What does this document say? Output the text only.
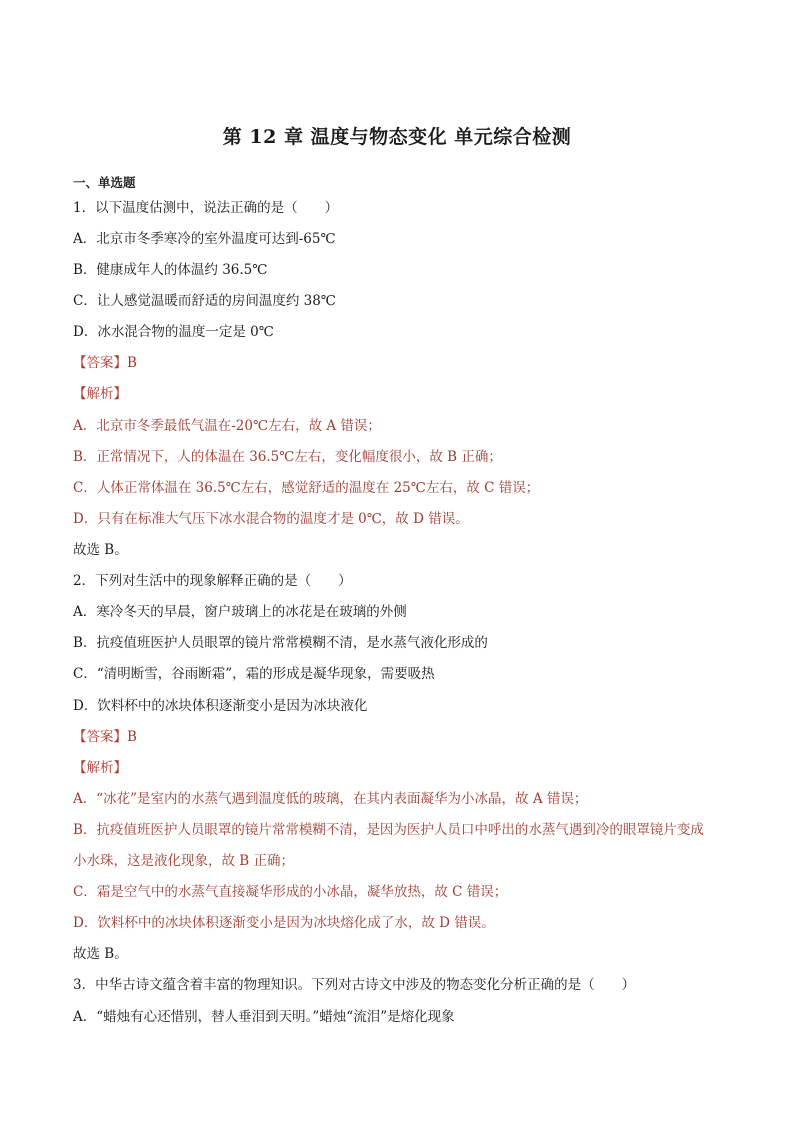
第 12 章 温度与物态变化 单元综合检测
一、单选题
1．以下温度估测中，说法正确的是（　　）
A．北京市冬季寒冷的室外温度可达到-65℃
B．健康成年人的体温约 36.5℃
C．让人感觉温暖而舒适的房间温度约 38℃
D．冰水混合物的温度一定是 0℃
【答案】B
【解析】
A．北京市冬季最低气温在-20℃左右，故 A 错误；
B．正常情况下，人的体温在 36.5℃左右，变化幅度很小，故 B 正确；
C．人体正常体温在 36.5℃左右，感觉舒适的温度在 25℃左右，故 C 错误；
D．只有在标准大气压下冰水混合物的温度才是 0℃，故 D 错误。
故选 B。
2．下列对生活中的现象解释正确的是（　　）
A．寒冷冬天的早晨，窗户玻璃上的冰花是在玻璃的外侧
B．抗疫值班医护人员眼罩的镜片常常模糊不清，是水蒸气液化形成的
C．“清明断雪，谷雨断霜”，霜的形成是凝华现象，需要吸热
D．饮料杯中的冰块体积逐渐变小是因为冰块液化
【答案】B
【解析】
A．“冰花”是室内的水蒸气遇到温度低的玻璃，在其内表面凝华为小冰晶，故 A 错误；
B．抗疫值班医护人员眼罩的镜片常常模糊不清，是因为医护人员口中呼出的水蒸气遇到冷的眼罩镜片变成
小水珠，这是液化现象，故 B 正确；
C．霜是空气中的水蒸气直接凝华形成的小冰晶，凝华放热，故 C 错误；
D．饮料杯中的冰块体积逐渐变小是因为冰块熔化成了水，故 D 错误。
故选 B。
3．中华古诗文蕴含着丰富的物理知识。下列对古诗文中涉及的物态变化分析正确的是（　　）
A．“蜡烛有心还惜别，替人垂泪到天明。”蜡烛“流泪”是熔化现象
